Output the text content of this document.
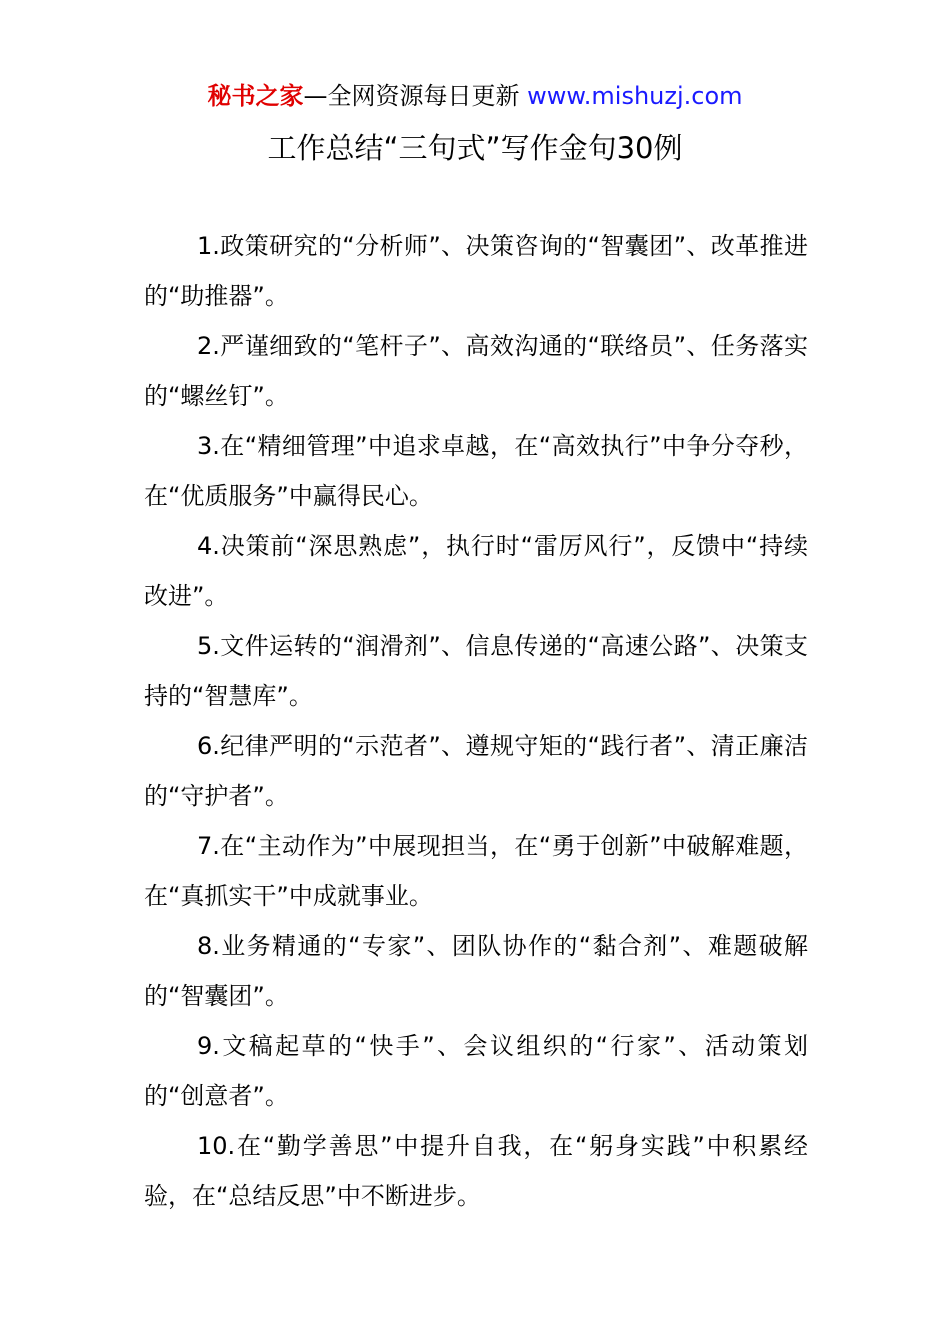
秘书之家—全网资源每日更新 www.mishuzj.com
工作总结“三句式”写作金句30例

1.政策研究的“分析师”、决策咨询的“智囊团”、改革推进的“助推器”。

2.严谨细致的“笔杆子”、高效沟通的“联络员”、任务落实的“螺丝钉”。

3.在“精细管理”中追求卓越，在“高效执行”中争分夺秒，在“优质服务”中赢得民心。

4.决策前“深思熟虑”，执行时“雷厉风行”，反馈中“持续改进”。

5.文件运转的“润滑剂”、信息传递的“高速公路”、决策支持的“智慧库”。

6.纪律严明的“示范者”、遵规守矩的“践行者”、清正廉洁的“守护者”。

7.在“主动作为”中展现担当，在“勇于创新”中破解难题，在“真抓实干”中成就事业。

8.业务精通的“专家”、团队协作的“黏合剂”、难题破解的“智囊团”。

9.文稿起草的“快手”、会议组织的“行家”、活动策划的“创意者”。

10.在“勤学善思”中提升自我，在“躬身实践”中积累经验，在“总结反思”中不断进步。
